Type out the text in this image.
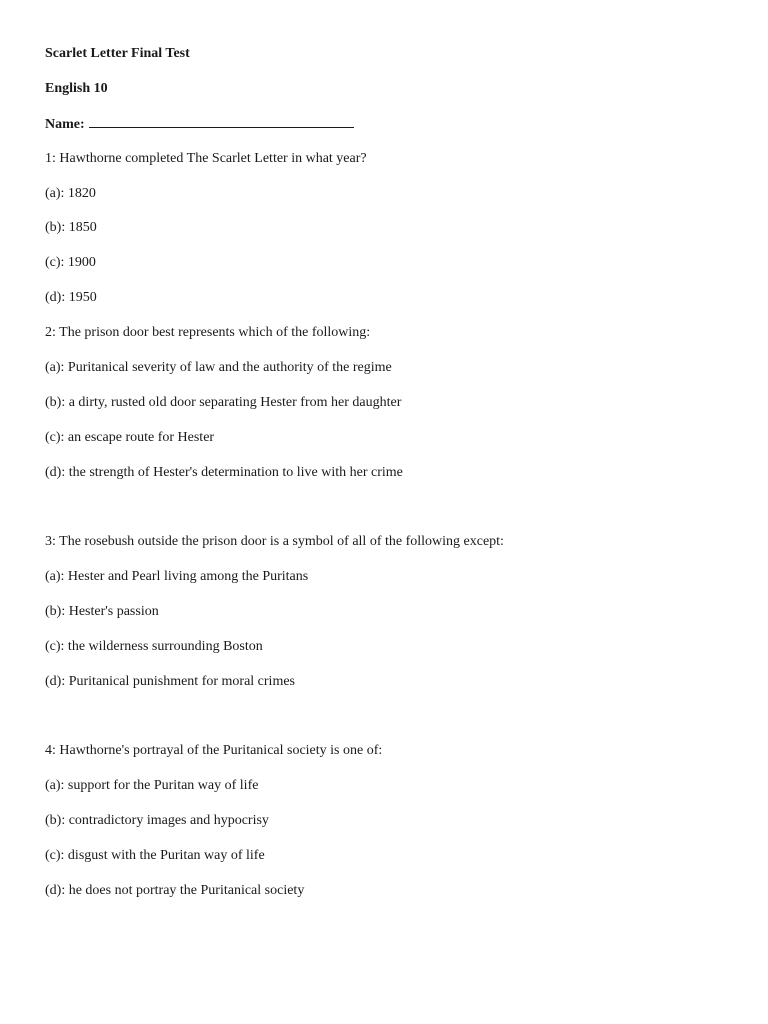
Scarlet Letter Final Test
English 10
Name:
1: Hawthorne completed The Scarlet Letter in what year?
(a): 1820
(b): 1850
(c): 1900
(d): 1950
2: The prison door best represents which of the following:
(a): Puritanical severity of law and the authority of the regime
(b): a dirty, rusted old door separating Hester from her daughter
(c): an escape route for Hester
(d): the strength of Hester's determination to live with her crime
3: The rosebush outside the prison door is a symbol of all of the following except:
(a): Hester and Pearl living among the Puritans
(b): Hester's passion
(c): the wilderness surrounding Boston
(d): Puritanical punishment for moral crimes
4: Hawthorne's portrayal of the Puritanical society is one of:
(a): support for the Puritan way of life
(b): contradictory images and hypocrisy
(c): disgust with the Puritan way of life
(d): he does not portray the Puritanical society
